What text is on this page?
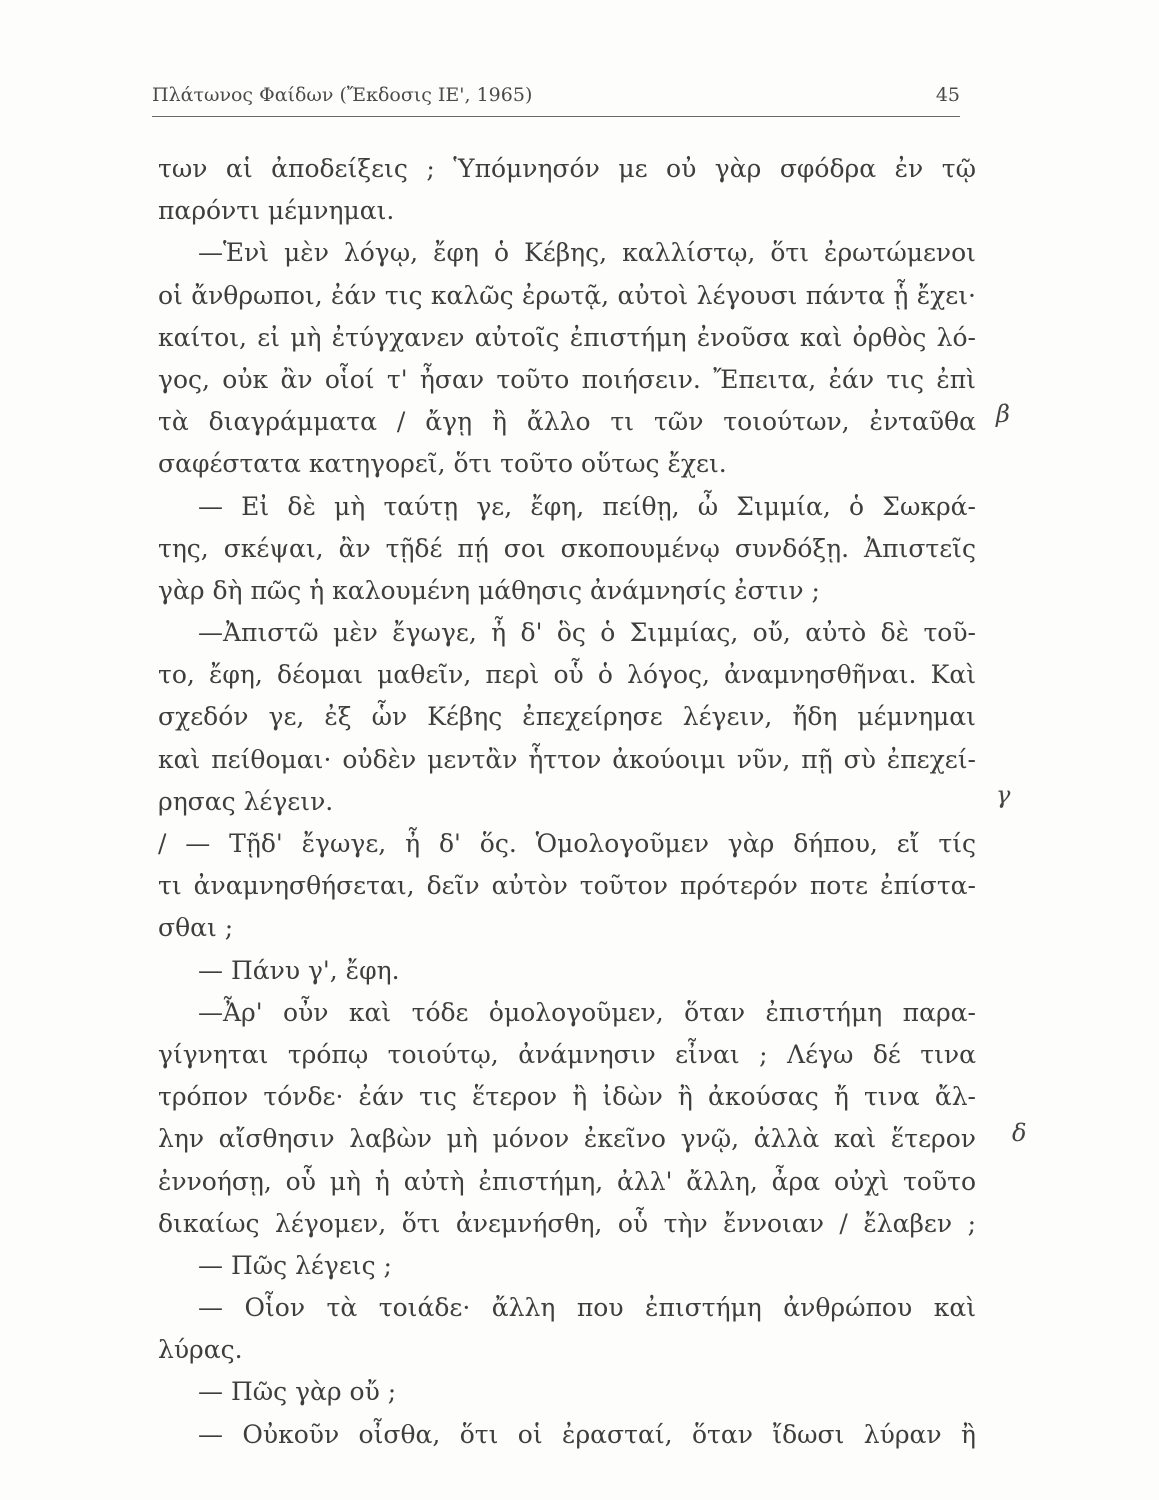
Πλάτωνος Φαίδων (Ἔκδοσις ΙΕ', 1965)	45
των αἱ ἀποδείξεις ; Ὑπόμνησόν με οὐ γὰρ σφόδρα ἐν τῷ
παρόντι μέμνημαι.
—Ἑνὶ μὲν λόγῳ, ἔφη ὁ Κέβης, καλλίστῳ, ὅτι ἐρωτώμενοι
οἱ ἄνθρωποι, ἐάν τις καλῶς ἐρωτᾷ, αὐτοὶ λέγουσι πάντα ᾗ ἔχει·
καίτοι, εἰ μὴ ἐτύγχανεν αὐτοῖς ἐπιστήμη ἐνοῦσα καὶ ὀρθὸς λό-
γος, οὐκ ἂν οἷοί τ' ἦσαν τοῦτο ποιήσειν. Ἔπειτα, ἐάν τις ἐπὶ
τὰ διαγράμματα / ἄγῃ ἢ ἄλλο τι τῶν τοιούτων, ἐνταῦθα
σαφέστατα κατηγορεῖ, ὅτι τοῦτο οὕτως ἔχει.
— Εἰ δὲ μὴ ταύτῃ γε, ἔφη, πείθῃ, ὦ Σιμμία, ὁ Σωκρά-
της, σκέψαι, ἂν τῇδέ πῄ σοι σκοπουμένῳ συνδόξῃ. Ἀπιστεῖς
γὰρ δὴ πῶς ἡ καλουμένη μάθησις ἀνάμνησίς ἐστιν ;
—Ἀπιστῶ μὲν ἔγωγε, ἦ δ' ὃς ὁ Σιμμίας, οὔ, αὐτὸ δὲ τοῦ-
το, ἔφη, δέομαι μαθεῖν, περὶ οὗ ὁ λόγος, ἀναμνησθῆναι. Καὶ
σχεδόν γε, ἐξ ὧν Κέβης ἐπεχείρησε λέγειν, ἤδη μέμνημαι
καὶ πείθομαι· οὐδὲν μεντἂν ἧττον ἀκούοιμι νῦν, πῇ σὺ ἐπεχεί-
ρησας λέγειν.
/ — Τῇδ' ἔγωγε, ἦ δ' ὅς. Ὁμολογοῦμεν γὰρ δήπου, εἴ τίς
τι ἀναμνησθήσεται, δεῖν αὐτὸν τοῦτον πρότερόν ποτε ἐπίστα-
σθαι ;
— Πάνυ γ', ἔφη.
—Ἆρ' οὖν καὶ τόδε ὁμολογοῦμεν, ὅταν ἐπιστήμη παρα-
γίγνηται τρόπῳ τοιούτῳ, ἀνάμνησιν εἶναι ; Λέγω δέ τινα
τρόπον τόνδε· ἐάν τις ἕτερον ἢ ἰδὼν ἢ ἀκούσας ἤ τινα ἄλ-
λην αἴσθησιν λαβὼν μὴ μόνον ἐκεῖνο γνῷ, ἀλλὰ καὶ ἕτερον
ἐννοήσῃ, οὗ μὴ ἡ αὐτὴ ἐπιστήμη, ἀλλ' ἄλλη, ἆρα οὐχὶ τοῦτο
δικαίως λέγομεν, ὅτι ἀνεμνήσθη, οὗ τὴν ἔννοιαν / ἔλαβεν ;
— Πῶς λέγεις ;
— Οἷον τὰ τοιάδε· ἄλλη που ἐπιστήμη ἀνθρώπου καὶ
λύρας.
— Πῶς γὰρ οὔ ;
— Οὐκοῦν οἶσθα, ὅτι οἱ ἐρασταί, ὅταν ἴδωσι λύραν ἢ
β
γ
δ
